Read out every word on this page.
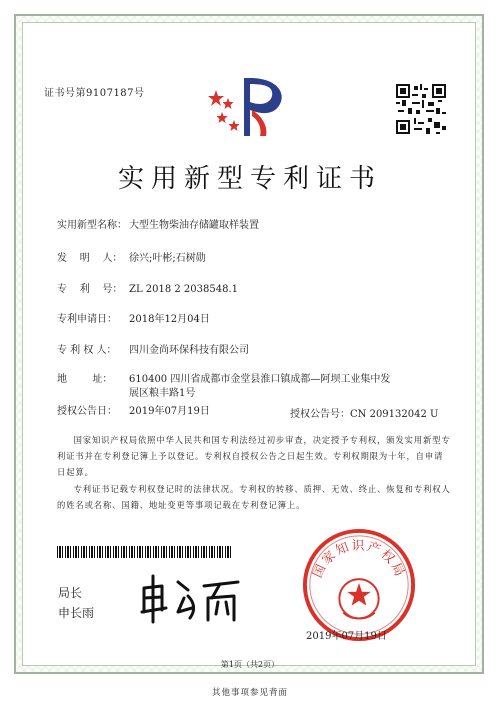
证书号第9107187号
实用新型专利证书
实用新型名称： 大型生物柴油存储罐取样装置
发    明    人： 徐兴;叶彬;石树勋
专    利    号： ZL 2018 2 2038548.1
专利申请日： 2018年12月04日
专 利 权 人： 四川金尚环保科技有限公司
地        址：	610400 四川省成都市金堂县淮口镇成都—阿坝工业集中发展区粮丰路1号
授权公告日： 2019年07月19日	授权公告号：CN 209132042 U
国家知识产权局依照中华人民共和国专利法经过初步审查，决定授予专利权，颁发实用新型专利证书并在专利登记簿上予以登记。专利权自授权公告之日起生效。专利权期限为十年，自申请日起算。
专利证书记载专利权登记时的法律状况。专利权的转移、质押、无效、终止、恢复和专利权人的姓名或名称、国籍、地址变更等事项记载在专利登记簿上。
局长
申长雨
国家知识产权局
2019年07月19日
第1页（共2页）
其他事项参见背面
